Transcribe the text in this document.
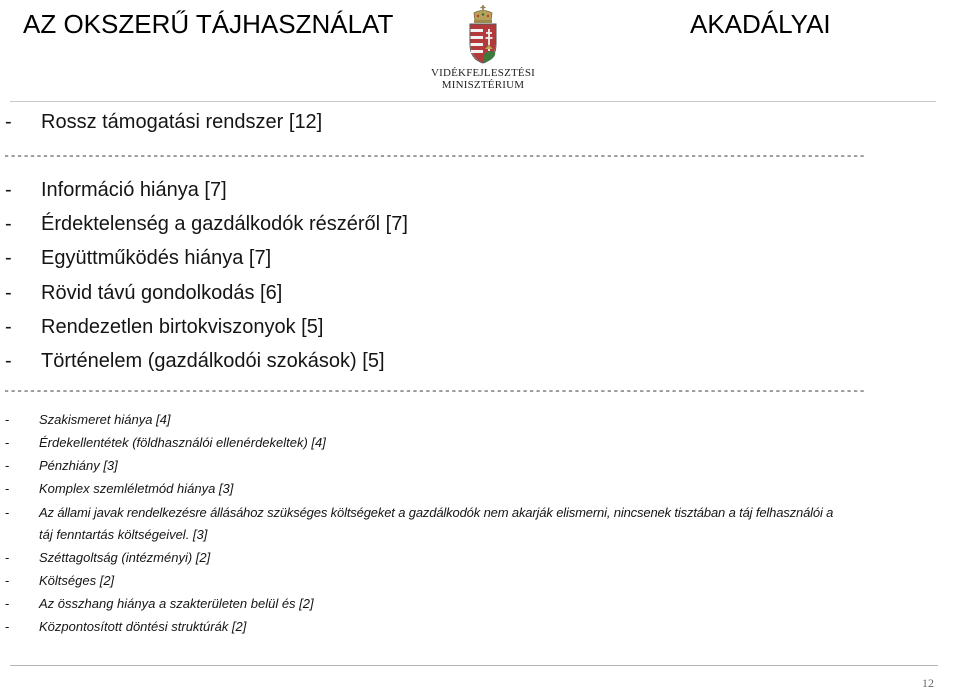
AZ OKSZERŰ TÁJHASZNÁLAT	AKADÁLYAI
VIDÉKFEJLESZTÉSI
MINISZTÉRIUM
- Rossz támogatási rendszer [12]
-------------------------------------------------------------------------------------------------------------------------------------
- Információ hiánya [7]
- Érdektelenség a gazdálkodók részéről [7]
- Együttműködés hiánya [7]
- Rövid távú gondolkodás [6]
- Rendezetlen birtokviszonyok [5]
- Történelem (gazdálkodói szokások) [5]
-------------------------------------------------------------------------------------------------------------------------------------
- Szakismeret hiánya [4]
- Érdekellentétek (földhasználói ellenérdekeltek) [4]
- Pénzhiány [3]
- Komplex szemléletmód hiánya [3]
- Az állami javak rendelkezésre állásához szükséges költségeket a gazdálkodók nem akarják elismerni, nincsenek tisztában a táj felhasználói a
táj fenntartás költségeivel. [3]
- Széttagoltság (intézményi) [2]
- Költséges [2]
- Az összhang hiánya a szakterületen belül és [2]
- Központosított döntési struktúrák [2]
12
